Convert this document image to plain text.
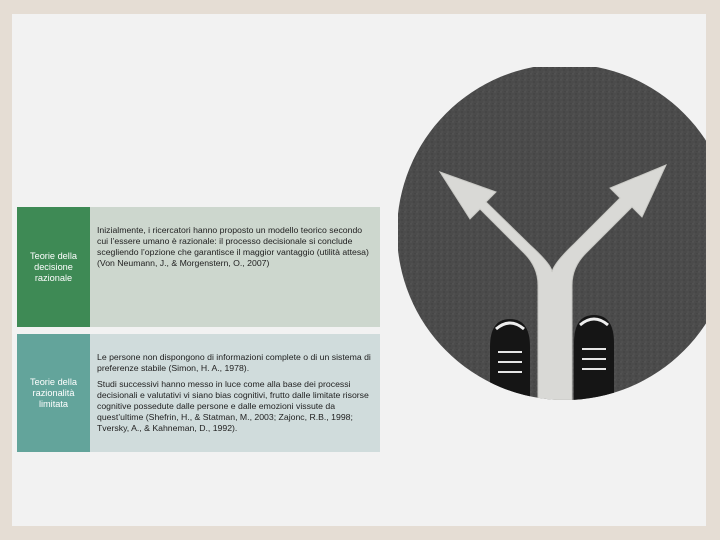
Teorie della decisione razionale

Inizialmente, i ricercatori hanno proposto un modello teorico secondo cui l’essere umano è razionale: il processo decisionale si conclude scegliendo l’opzione che garantisce il maggior vantaggio (utilità attesa) (Von Neumann, J., & Morgenstern, O., 2007)

Teorie della razionalità limitata

Le persone non dispongono di informazioni complete o di un sistema di preferenze stabile (Simon, H. A., 1978).

Studi successivi hanno messo in luce come alla base dei processi decisionali e valutativi vi siano bias cognitivi, frutto dalle limitate risorse cognitive possedute dalle persone e dalle emozioni vissute da quest’ultime (Shefrin, H., & Statman, M., 2003; Zajonc, R.B., 1998; Tversky, A., & Kahneman, D., 1992).
